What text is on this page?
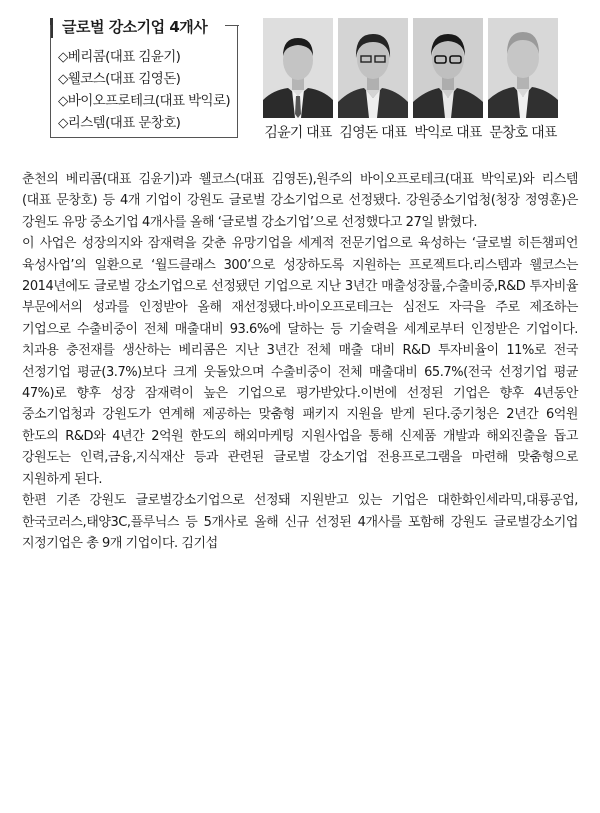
글로벌 강소기업 4개사
◇베리콤(대표 김윤기)
◇웰코스(대표 김영돈)
◇바이오프로테크(대표 박익로)
◇리스템(대표 문창호)
김윤기 대표 김영돈 대표 박익로 대표 문창호 대표

춘천의 베리콤(대표 김윤기)과 웰코스(대표 김영돈),원주의 바이오프로테크(대표 박익로)와 리스템(대표 문창호) 등 4개 기업이 강원도 글로벌 강소기업으로 선정됐다. 강원중소기업청(청장 정영훈)은 강원도 유망 중소기업 4개사를 올해 ‘글로벌 강소기업’으로 선정했다고 27일 밝혔다.

이 사업은 성장의지와 잠재력을 갖춘 유망기업을 세계적 전문기업으로 육성하는 ‘글로벌 히든챔피언 육성사업’의 일환으로 ‘월드클래스 300’으로 성장하도록 지원하는 프로젝트다.리스템과 웰코스는 2014년에도 글로벌 강소기업으로 선정됐던 기업으로 지난 3년간 매출성장률,수출비중,R&D 투자비율 부문에서의 성과를 인정받아 올해 재선정됐다.바이오프로테크는 심전도 자극을 주로 제조하는 기업으로 수출비중이 전체 매출대비 93.6%에 달하는 등 기술력을 세계로부터 인정받은 기업이다.치과용 충전재를 생산하는 베리콤은 지난 3년간 전체 매출 대비 R&D 투자비율이 11%로 전국 선정기업 평균(3.7%)보다 크게 웃돌았으며 수출비중이 전체 매출대비 65.7%(전국 선정기업 평균 47%)로 향후 성장 잠재력이 높은 기업으로 평가받았다.이번에 선정된 기업은 향후 4년동안 중소기업청과 강원도가 연계해 제공하는 맞춤형 패키지 지원을 받게 된다.중기청은 2년간 6억원 한도의 R&D와 4년간 2억원 한도의 해외마케팅 지원사업을 통해 신제품 개발과 해외진출을 돕고 강원도는 인력,금융,지식재산 등과 관련된 글로벌 강소기업 전용프로그램을 마련해 맞춤형으로 지원하게 된다.

한편 기존 강원도 글로벌강소기업으로 선정돼 지원받고 있는 기업은 대한화인세라믹,대룡공업,한국코러스,태양3C,플루닉스 등 5개사로 올해 신규 선정된 4개사를 포함해 강원도 글로벌강소기업 지정기업은 총 9개 기업이다. 김기섭
